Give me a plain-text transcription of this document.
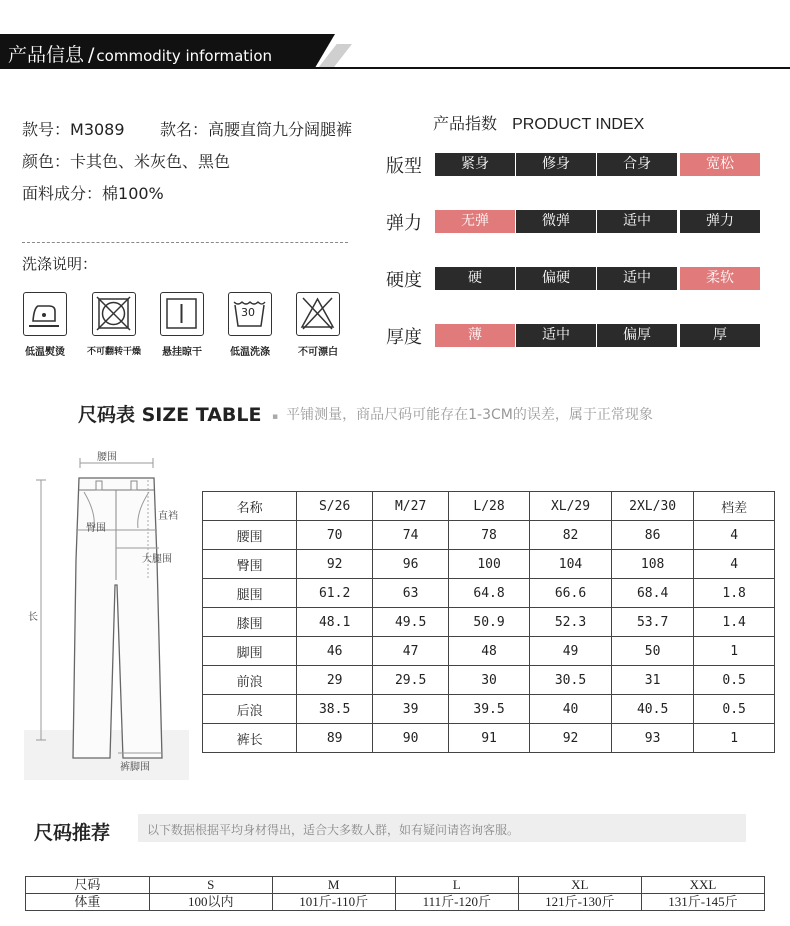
产品信息 / commodity information
款号：M3089 款名：高腰直筒九分阔腿裤
颜色：卡其色、米灰色、黑色
面料成分：棉100%
洗涤说明：
30
低温熨烫	不可翻转干燥	悬挂晾干	低温洗涤	不可漂白
产品指数 PRODUCT INDEX
版型	紧身	修身	合身	宽松
弹力	无弹	微弹	适中	弹力
硬度	硬	偏硬	适中	柔软
厚度	薄	适中	偏厚	厚
尺码表 SIZE TABLE ▪ 平铺测量，商品尺码可能存在1-3CM的误差，属于正常现象
腰围
臀围
直裆
大腿围
长
裤脚围
名称	S/26	M/27	L/28	XL/29	2XL/30	档差
腰围	70	74	78	82	86	4
臀围	92	96	100	104	108	4
腿围	61.2	63	64.8	66.6	68.4	1.8
膝围	48.1	49.5	50.9	52.3	53.7	1.4
脚围	46	47	48	49	50	1
前浪	29	29.5	30	30.5	31	0.5
后浪	38.5	39	39.5	40	40.5	0.5
裤长	89	90	91	92	93	1
尺码推荐	以下数据根据平均身材得出，适合大多数人群，如有疑问请咨询客服。
尺码	S	M	L	XL	XXL
体重	100以内	101斤-110斤	111斤-120斤	121斤-130斤	131斤-145斤
